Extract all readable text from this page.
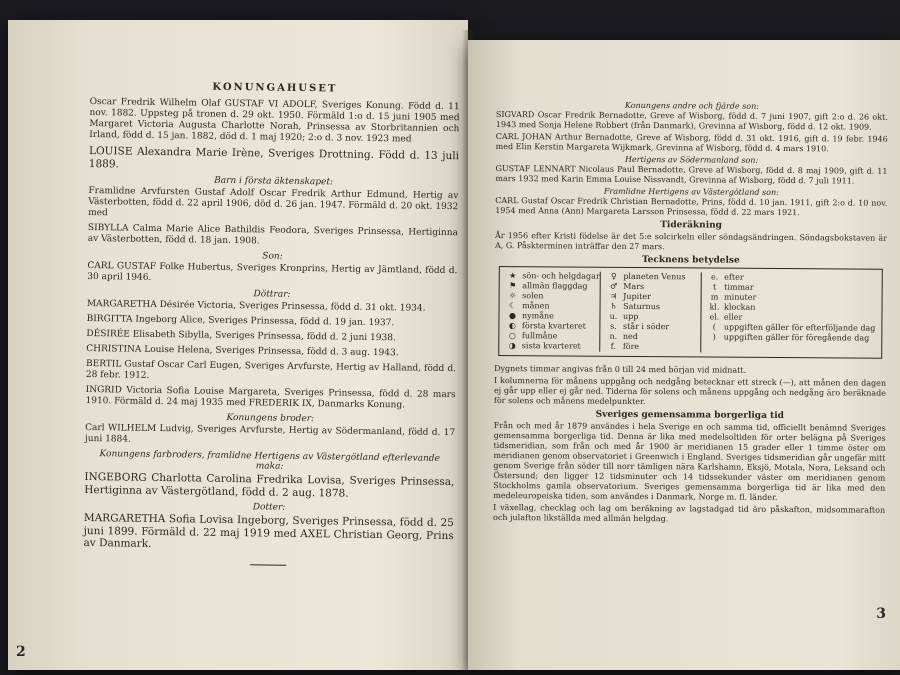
KONUNGAHUSET

Oscar Fredrik Wilhelm Olaf GUSTAF VI ADOLF, Sveriges Konung. Född d. 11 nov. 1882. Uppsteg på tronen d. 29 okt. 1950. Förmäld 1:o d. 15 juni 1905 med Margaret Victoria Augusta Charlotte Norah, Prinsessa av Storbritannien och Irland, född d. 15 jan. 1882, död d. 1 maj 1920; 2:o d. 3 nov. 1923 med

LOUISE Alexandra Marie Irène, Sveriges Drottning. Född d. 13 juli 1889.

Barn i första äktenskapet:

Framlidne Arvfursten Gustaf Adolf Oscar Fredrik Arthur Edmund, Hertig av Västerbotten, född d. 22 april 1906, död d. 26 jan. 1947. Förmäld d. 20 okt. 1932 med

SIBYLLA Calma Marie Alice Bathildis Feodora, Sveriges Prinsessa, Hertiginna av Västerbotten, född d. 18 jan. 1908.

Son:

CARL GUSTAF Folke Hubertus, Sveriges Kronprins, Hertig av Jämtland, född d. 30 april 1946.

Döttrar:

MARGARETHA Désirée Victoria, Sveriges Prinsessa, född d. 31 okt. 1934.

BIRGITTA Ingeborg Alice, Sveriges Prinsessa, född d. 19 jan. 1937.

DÉSIRÉE Elisabeth Sibylla, Sveriges Prinsessa, född d. 2 juni 1938.

CHRISTINA Louise Helena, Sveriges Prinsessa, född d. 3 aug. 1943.

BERTIL Gustaf Oscar Carl Eugen, Sveriges Arvfurste, Hertig av Halland, född d. 28 febr. 1912.

INGRID Victoria Sofia Louise Margareta, Sveriges Prinsessa, född d. 28 mars 1910. Förmäld d. 24 maj 1935 med FREDERIK IX, Danmarks Konung.

Konungens broder:

Carl WILHELM Ludvig, Sveriges Arvfurste, Hertig av Södermanland, född d. 17 juni 1884.

Konungens farbroders, framlidne Hertigens av Västergötland efterlevande maka:

INGEBORG Charlotta Carolina Fredrika Lovisa, Sveriges Prinsessa, Hertiginna av Västergötland, född d. 2 aug. 1878.

Dotter:

MARGARETHA Sofia Lovisa Ingeborg, Sveriges Prinsessa, född d. 25 juni 1899. Förmäld d. 22 maj 1919 med AXEL Christian Georg, Prins av Danmark.

2
Konungens andre och fjärde son:

SIGVARD Oscar Fredrik Bernadotte, Greve af Wisborg, född d. 7 juni 1907, gift 2:o d. 26 okt. 1943 med Sonja Helene Robbert (från Danmark), Grevinna af Wisborg, född d. 12 okt. 1909.

CARL JOHAN Arthur Bernadotte, Greve af Wisborg, född d. 31 okt. 1916, gift d. 19 febr. 1946 med Elin Kerstin Margareta Wijkmark, Grevinna af Wisborg, född d. 4 mars 1910.

Hertigens av Södermanland son:

GUSTAF LENNART Nicolaus Paul Bernadotte, Greve af Wisborg, född d. 8 maj 1909, gift d. 11 mars 1932 med Karin Emma Louise Nissvandt, Grevinna af Wisborg, född d. 7 juli 1911.

Framlidne Hertigens av Västergötland son:

CARL Gustaf Oscar Fredrik Christian Bernadotte, Prins, född d. 10 jan. 1911, gift 2:o d. 10 nov. 1954 med Anna (Ann) Margareta Larsson Prinsessa, född d. 22 mars 1921.

Tideräkning

År 1956 efter Kristi födelse är det 5:e solcirkeln eller söndagsändringen. Söndagsbokstaven är A, G. Påskterminen inträffar den 27 mars.

Tecknens betydelse
★ sön- och helgdagar
⚑ allmän flaggdag
☼ solen
☾ månen
● nymåne
◐ första kvarteret
○ fullmåne
◑ sista kvarteret
♀ planeten Venus
♂ Mars
♃ Jupiter
♄ Saturnus
u. upp
s. står i söder
n. ned
f. före
e. efter
t timmar
m minuter
kl. klockan
el. eller
( uppgiften gäller för efterföljande dag
) uppgiften gäller för föregående dag

Dygnets timmar angivas från 0 till 24 med början vid midnatt.

I kolumnerna för månens uppgång och nedgång betecknar ett streck (—), att månen den dagen ej går upp eller ej går ned. Tiderna för solens och månens uppgång och nedgång äro beräknade för solens och månens medelpunkter.

Sveriges gemensamma borgerliga tid

Från och med år 1879 användes i hela Sverige en och samma tid, officiellt benämnd Sveriges gemensamma borgerliga tid. Denna är lika med medelsoltiden för orter belägna på Sveriges tidsmeridian, som från och med år 1900 är meridianen 15 grader eller 1 timme öster om meridianen genom observatoriet i Greenwich i England. Sveriges tidsmeridian går ungefär mitt genom Sverige från söder till norr tämligen nära Karlshamn, Eksjö, Motala, Nora, Leksand och Östersund; den ligger 12 tidsminuter och 14 tidssekunder väster om meridianen genom Stockholms gamla observatorium. Sveriges gemensamma borgerliga tid är lika med den medeleuropeiska tiden, som användes i Danmark, Norge m. fl. länder.

I växellag, checklag och lag om beräkning av lagstadgad tid äro påskafton, midsommarafton och julafton likställda med allmän helgdag.

3
